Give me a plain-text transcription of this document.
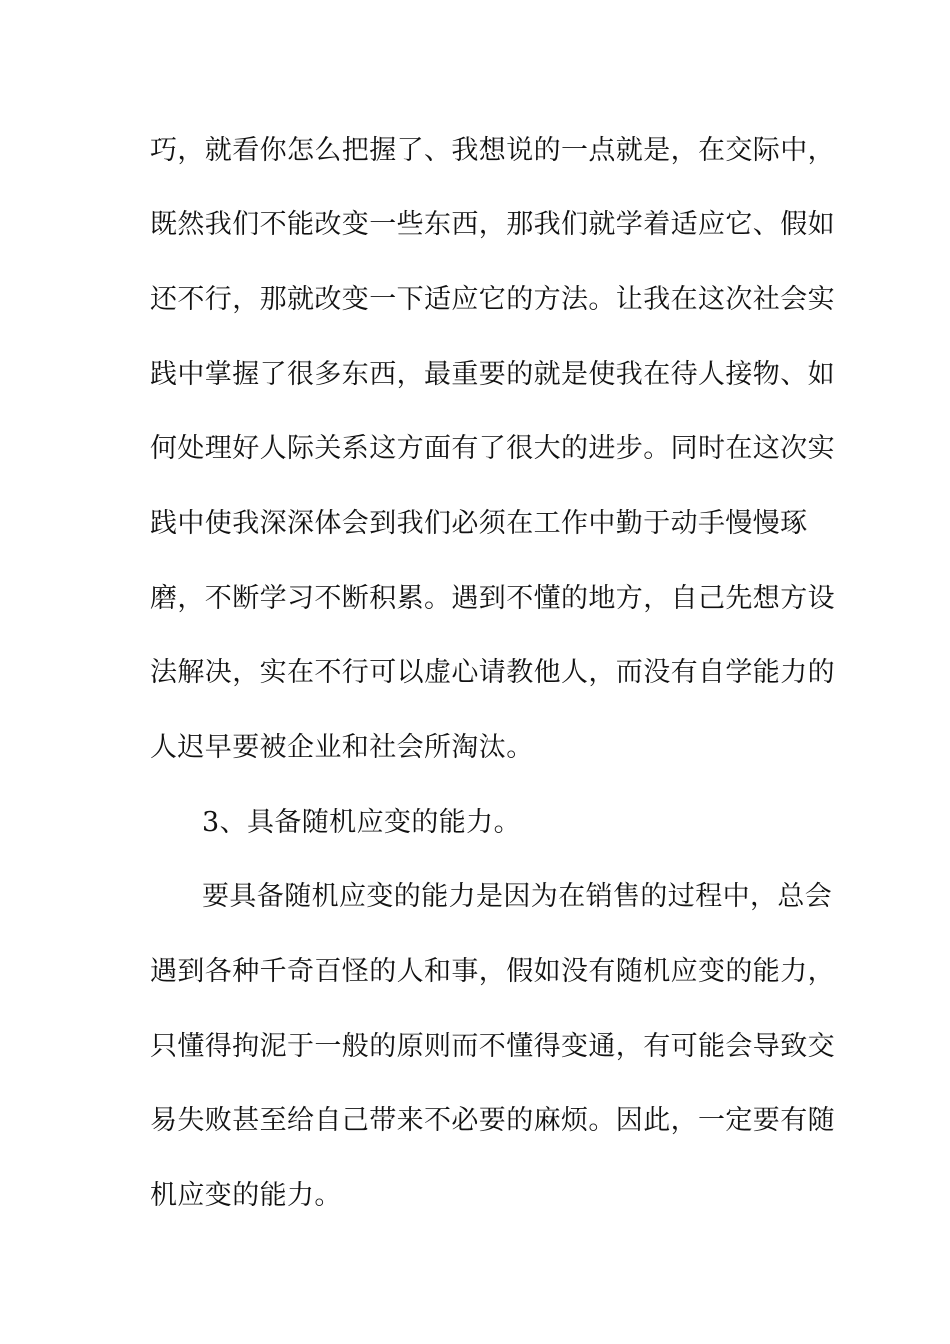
巧，就看你怎么把握了、我想说的一点就是，在交际中，
既然我们不能改变一些东西，那我们就学着适应它、假如
还不行，那就改变一下适应它的方法。让我在这次社会实
践中掌握了很多东西，最重要的就是使我在待人接物、如
何处理好人际关系这方面有了很大的进步。同时在这次实
践中使我深深体会到我们必须在工作中勤于动手慢慢琢
磨，不断学习不断积累。遇到不懂的地方，自己先想方设
法解决，实在不行可以虚心请教他人，而没有自学能力的
人迟早要被企业和社会所淘汰。
3、具备随机应变的能力。
要具备随机应变的能力是因为在销售的过程中，总会
遇到各种千奇百怪的人和事，假如没有随机应变的能力，
只懂得拘泥于一般的原则而不懂得变通，有可能会导致交
易失败甚至给自己带来不必要的麻烦。因此，一定要有随
机应变的能力。
